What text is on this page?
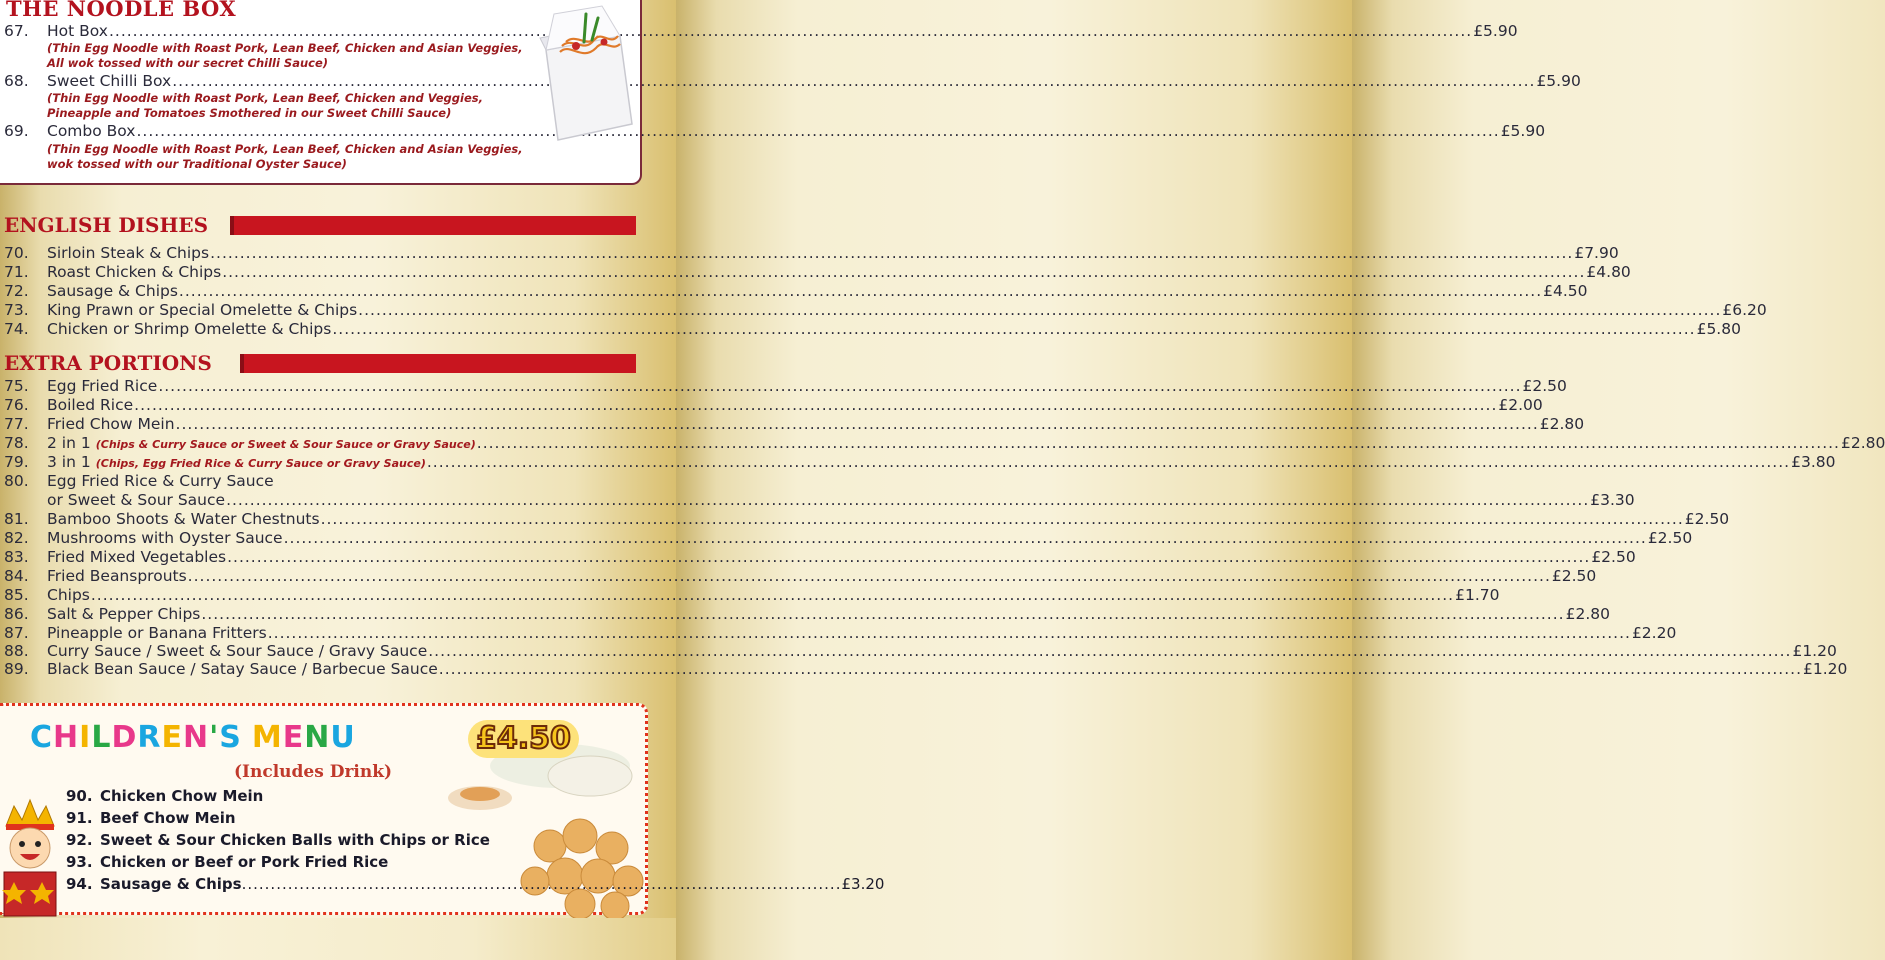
THE NOODLE BOX
67. Hot Box .....	£5.90
(Thin Egg Noodle with Roast Pork, Lean Beef, Chicken and Asian Veggies,
All wok tossed with our secret Chilli Sauce)
68. Sweet Chilli Box .....	£5.90
(Thin Egg Noodle with Roast Pork, Lean Beef, Chicken and Veggies,
Pineapple and Tomatoes Smothered in our Sweet Chilli Sauce)
69. Combo Box .....	£5.90
(Thin Egg Noodle with Roast Pork, Lean Beef, Chicken and Asian Veggies,
wok tossed with our Traditional Oyster Sauce)
ENGLISH DISHES
70. Sirloin Steak & Chips .....	£7.90
71. Roast Chicken & Chips .....	£4.80
72. Sausage & Chips .....	£4.50
73. King Prawn or Special Omelette & Chips .....	£6.20
74. Chicken or Shrimp Omelette & Chips .....	£5.80
EXTRA PORTIONS
75. Egg Fried Rice .....	£2.50
76. Boiled Rice .....	£2.00
77. Fried Chow Mein .....	£2.80
78. 2 in 1 (Chips & Curry Sauce or Sweet & Sour Sauce or Gravy Sauce) .....	£2.80
79. 3 in 1 (Chips, Egg Fried Rice & Curry Sauce or Gravy Sauce) .....	£3.80
80. Egg Fried Rice & Curry Sauce
or Sweet & Sour Sauce .....	£3.30
81. Bamboo Shoots & Water Chestnuts .....	£2.50
82. Mushrooms with Oyster Sauce .....	£2.50
83. Fried Mixed Vegetables .....	£2.50
84. Fried Beansprouts .....	£2.50
85. Chips .....	£1.70
86. Salt & Pepper Chips .....	£2.80
87. Pineapple or Banana Fritters .....	£2.20
88. Curry Sauce / Sweet & Sour Sauce / Gravy Sauce .....	£1.20
89. Black Bean Sauce / Satay Sauce / Barbecue Sauce .....	£1.20
CHILDREN'S MENU	£4.50
(Includes Drink)
90. Chicken Chow Mein
91. Beef Chow Mein
92. Sweet & Sour Chicken Balls with Chips or Rice
93. Chicken or Beef or Pork Fried Rice
94. Sausage & Chips ........................................................................................................ £3.20
